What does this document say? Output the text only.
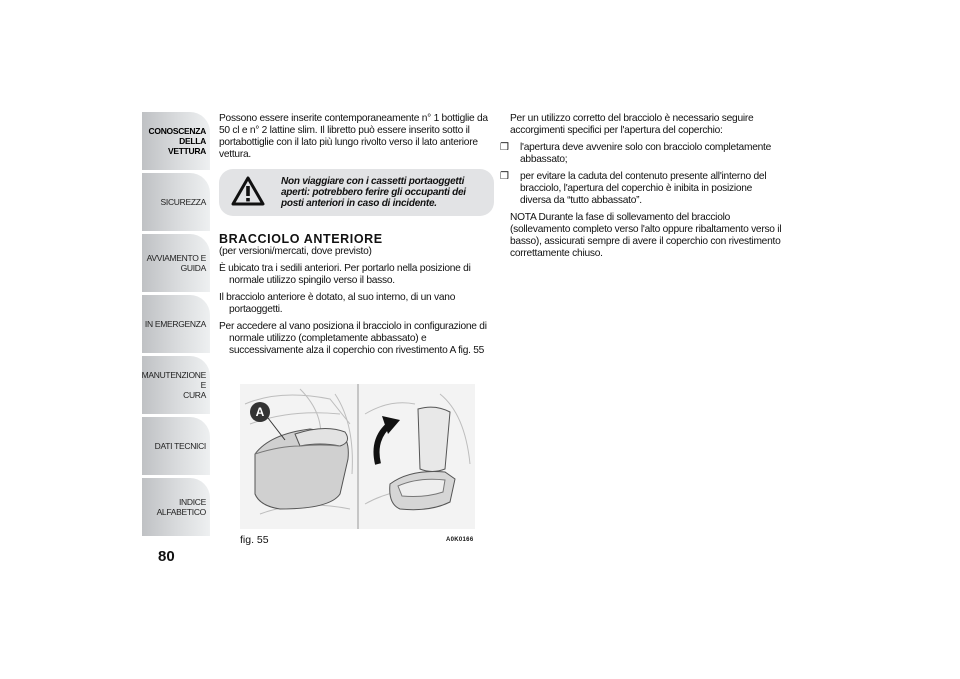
CONOSCENZA
DELLA VETTURA
SICUREZZA
AVVIAMENTO E
GUIDA
IN EMERGENZA
MANUTENZIONE E
CURA
DATI TECNICI
INDICE ALFABETICO
80

Possono essere inserite contemporaneamente n° 1 bottiglie da 50 cl e n° 2 lattine slim. Il libretto può essere inserito sotto il portabottiglie con il lato più lungo rivolto verso il lato anteriore vettura.

Non viaggiare con i cassetti portaoggetti aperti: potrebbero ferire gli occupanti dei posti anteriori in caso di incidente.
BRACCIOLO ANTERIORE

(per versioni/mercati, dove previsto)

È ubicato tra i sedili anteriori. Per portarlo nella posizione di normale utilizzo spingilo verso il basso.

Il bracciolo anteriore è dotato, al suo interno, di un vano portaoggetti.

Per accedere al vano posiziona il bracciolo in configurazione di normale utilizzo (completamente abbassato) e successivamente alza il coperchio con rivestimento A fig. 55

Per un utilizzo corretto del bracciolo è necessario seguire accorgimenti specifici per l'apertura del coperchio:

❒ l'apertura deve avvenire solo con bracciolo completamente abbassato;

❒ per evitare la caduta del contenuto presente all'interno del bracciolo, l'apertura del coperchio è inibita in posizione diversa da “tutto abbassato”.

NOTA Durante la fase di sollevamento del bracciolo (sollevamento completo verso l'alto oppure ribaltamento verso il basso), assicurati sempre di avere il coperchio con rivestimento correttamente chiuso.

A
fig. 55	A0K0166
